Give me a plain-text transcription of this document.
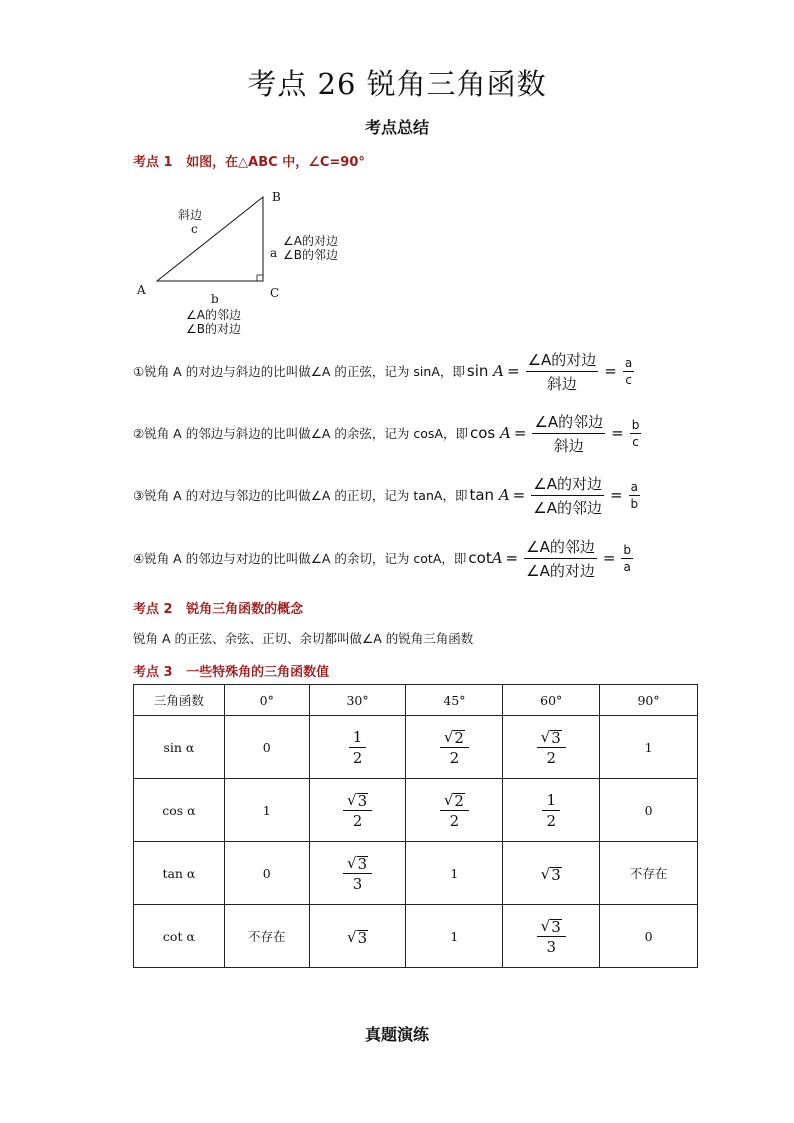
考点 26 锐角三角函数
考点总结
考点 1 如图，在△ABC 中，∠C=90°
A
B
C
斜边
c
a
∠A的对边
∠B的邻边
b
∠A的邻边
∠B的对边
①锐角 A 的对边与斜边的比叫做∠A 的正弦，记为 sinA，即 $\sin A = \frac{\text{∠A的对边}}{\text{斜边}} = \frac{a}{c}$
②锐角 A 的邻边与斜边的比叫做∠A 的余弦，记为 cosA，即 $\cos A = \frac{\text{∠A的邻边}}{\text{斜边}} = \frac{b}{c}$
③锐角 A 的对边与邻边的比叫做∠A 的正切，记为 tanA，即 $\tan A = \frac{\text{∠A的对边}}{\text{∠A的邻边}} = \frac{a}{b}$
④锐角 A 的邻边与对边的比叫做∠A 的余切，记为 cotA，即 $\cot A = \frac{\text{∠A的邻边}}{\text{∠A的对边}} = \frac{b}{a}$
考点 2 锐角三角函数的概念
锐角 A 的正弦、余弦、正切、余切都叫做∠A 的锐角三角函数
考点 3 一些特殊角的三角函数值
三角函数	0°	30°	45°	60°	90°
sin α	0	$\frac{1}{2}$	$\frac{√ 2}{2}$	$\frac{√ 3}{2}$	1
cos α	1	$\frac{√ 3}{2}$	$\frac{√ 2}{2}$	$\frac{1}{2}$	0
tan α	0	$\frac{√ 3}{3}$	1	√ 3	不存在
cot α	不存在	√ 3	1	$\frac{√ 3}{3}$	0
真题演练
